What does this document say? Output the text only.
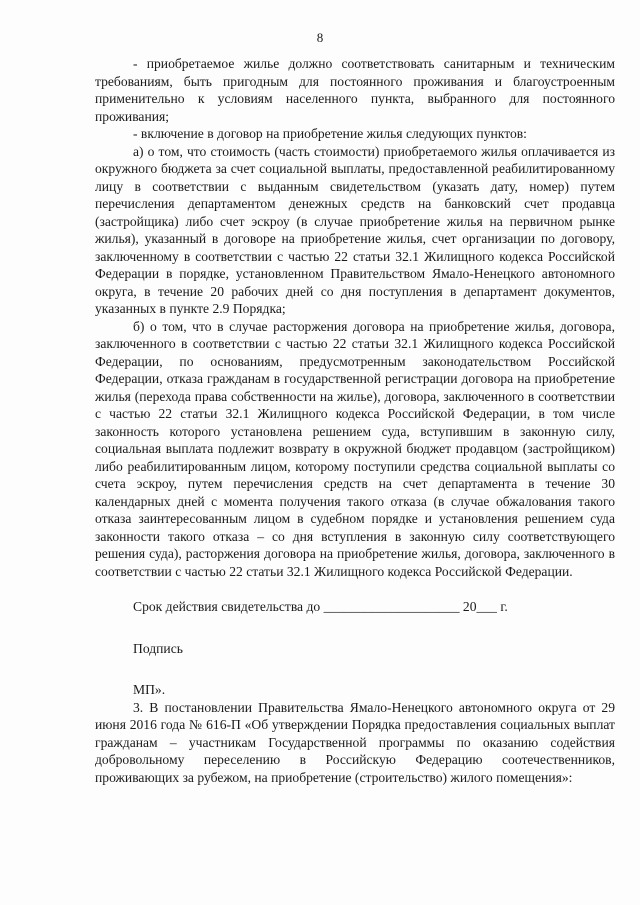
8

- приобретаемое жилье должно соответствовать санитарным и техническим требованиям, быть пригодным для постоянного проживания и благоустроенным применительно к условиям населенного пункта, выбранного для постоянного проживания;

- включение в договор на приобретение жилья следующих пунктов:

а) о том, что стоимость (часть стоимости) приобретаемого жилья оплачивается из окружного бюджета за счет социальной выплаты, предоставленной реабилитированному лицу в соответствии с выданным свидетельством (указать дату, номер) путем перечисления департаментом денежных средств на банковский счет продавца (застройщика) либо счет эскроу (в случае приобретение жилья на первичном рынке жилья), указанный в договоре на приобретение жилья, счет организации по договору, заключенному в соответствии с частью 22 статьи 32.1 Жилищного кодекса Российской Федерации в порядке, установленном Правительством Ямало-Ненецкого автономного округа, в течение 20 рабочих дней со дня поступления в департамент документов, указанных в пункте 2.9 Порядка;

б) о том, что в случае расторжения договора на приобретение жилья, договора, заключенного в соответствии с частью 22 статьи 32.1 Жилищного кодекса Российской Федерации, по основаниям, предусмотренным законодательством Российской Федерации, отказа гражданам в государственной регистрации договора на приобретение жилья (перехода права собственности на жилье), договора, заключенного в соответствии с частью 22 статьи 32.1 Жилищного кодекса Российской Федерации, в том числе законность которого установлена решением суда, вступившим в законную силу, социальная выплата подлежит возврату в окружной бюджет продавцом (застройщиком) либо реабилитированным лицом, которому поступили средства социальной выплаты со счета эскроу, путем перечисления средств на счет департамента в течение 30 календарных дней с момента получения такого отказа (в случае обжалования такого отказа заинтересованным лицом в судебном порядке и установления решением суда законности такого отказа – со дня вступления в законную силу соответствующего решения суда), расторжения договора на приобретение жилья, договора, заключенного в соответствии с частью 22 статьи 32.1 Жилищного кодекса Российской Федерации.

Срок действия свидетельства до ____________________ 20___ г.

Подпись

МП».

3. В постановлении Правительства Ямало-Ненецкого автономного округа от 29 июня 2016 года № 616-П «Об утверждении Порядка предоставления социальных выплат гражданам – участникам Государственной программы по оказанию содействия добровольному переселению в Российскую Федерацию соотечественников, проживающих за рубежом, на приобретение (строительство) жилого помещения»:
